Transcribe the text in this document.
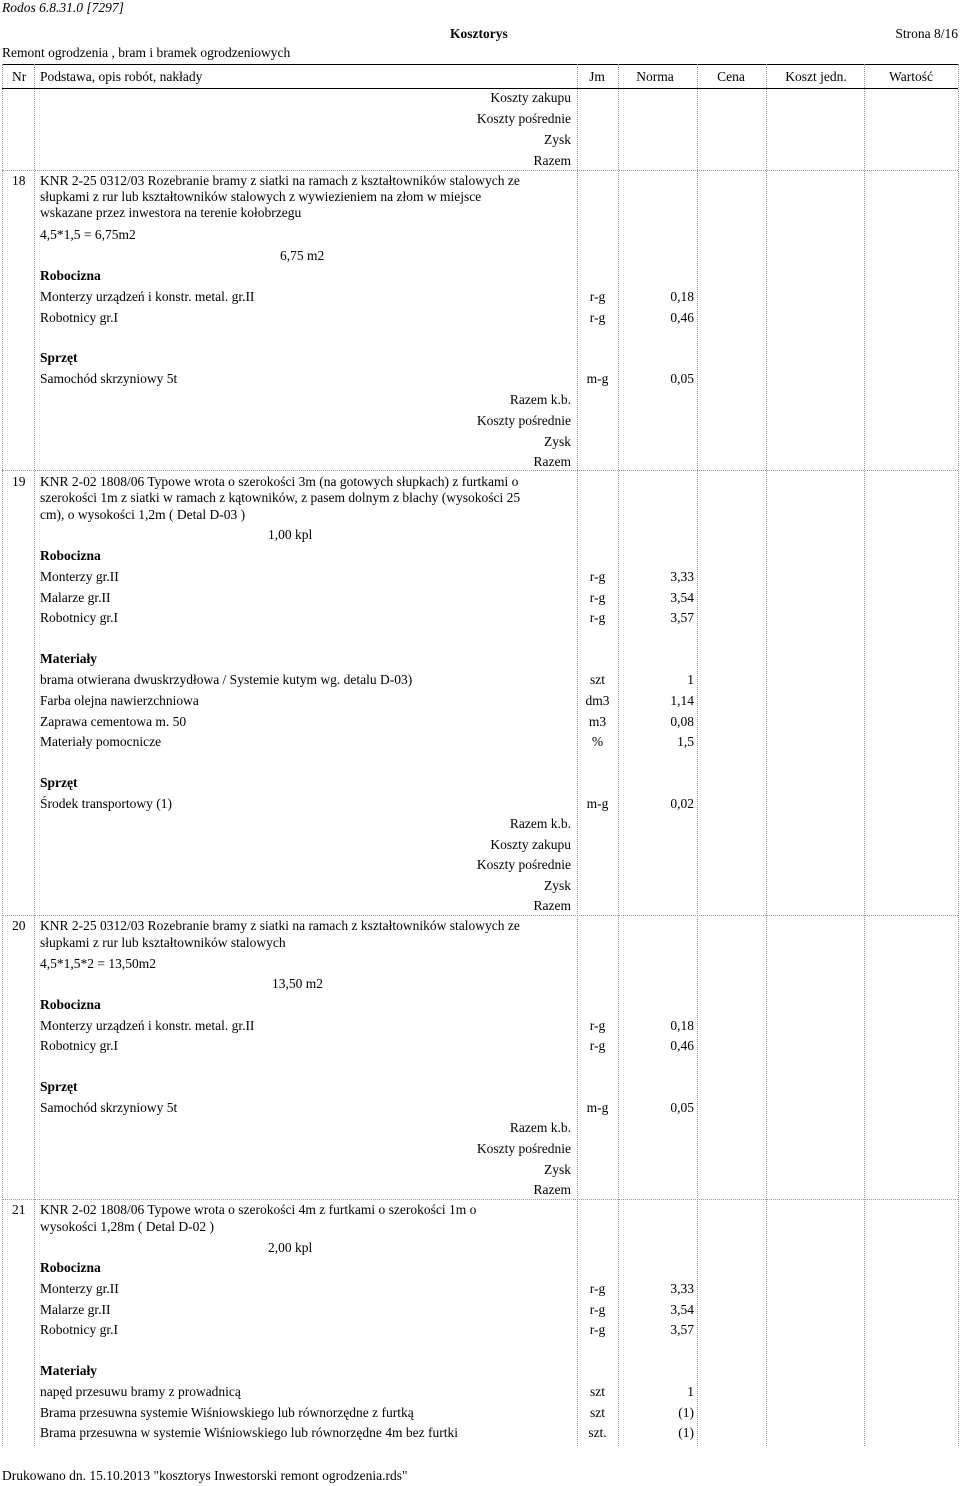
Rodos 6.8.31.0 [7297]
Kosztorys	Strona 8/16
Remont ogrodzenia , bram i bramek ogrodzeniowych
Nr Podstawa, opis robót, nakłady	Jm	Norma	Cena	Koszt jedn.	Wartość
Koszty zakupu
Koszty pośrednie
Zysk
Razem
18 KNR 2-25 0312/03 Rozebranie bramy z siatki na ramach z kształtowników stalowych ze
słupkami z rur lub kształtowników stalowych z wywiezieniem na złom w miejsce
wskazane przez inwestora na terenie kołobrzegu
4,5*1,5 = 6,75m2
6,75 m2
Robocizna
Monterzy urządzeń i konstr. metal. gr.II	r-g	0,18
Robotnicy gr.I	r-g	0,46
Sprzęt
Samochód skrzyniowy 5t	m-g	0,05
Razem k.b.
Koszty pośrednie
Zysk
Razem
19 KNR 2-02 1808/06 Typowe wrota o szerokości 3m (na gotowych słupkach) z furtkami o
szerokości 1m z siatki w ramach z kątowników, z pasem dolnym z blachy (wysokości 25
cm), o wysokości 1,2m ( Detal D-03 )
1,00 kpl
Robocizna
Monterzy gr.II	r-g	3,33
Malarze gr.II	r-g	3,54
Robotnicy gr.I	r-g	3,57
Materiały
brama otwierana dwuskrzydłowa / Systemie kutym wg. detalu D-03)	szt	1
Farba olejna nawierzchniowa	dm3	1,14
Zaprawa cementowa m. 50	m3	0,08
Materiały pomocnicze	%	1,5
Sprzęt
Środek transportowy (1)	m-g	0,02
Razem k.b.
Koszty zakupu
Koszty pośrednie
Zysk
Razem
20 KNR 2-25 0312/03 Rozebranie bramy z siatki na ramach z kształtowników stalowych ze
słupkami z rur lub kształtowników stalowych
4,5*1,5*2 = 13,50m2
13,50 m2
Robocizna
Monterzy urządzeń i konstr. metal. gr.II	r-g	0,18
Robotnicy gr.I	r-g	0,46
Sprzęt
Samochód skrzyniowy 5t	m-g	0,05
Razem k.b.
Koszty pośrednie
Zysk
Razem
21 KNR 2-02 1808/06 Typowe wrota o szerokości 4m z furtkami o szerokości 1m o
wysokości 1,28m ( Detal D-02 )
2,00 kpl
Robocizna
Monterzy gr.II	r-g	3,33
Malarze gr.II	r-g	3,54
Robotnicy gr.I	r-g	3,57
Materiały
napęd przesuwu bramy z prowadnicą	szt	1
Brama przesuwna systemie Wiśniowskiego lub równorzędne z furtką	szt	(1)
Brama przesuwna w systemie Wiśniowskiego lub równorzędne 4m bez furtki	szt.	(1)
Drukowano dn. 15.10.2013 "kosztorys Inwestorski remont ogrodzenia.rds"
